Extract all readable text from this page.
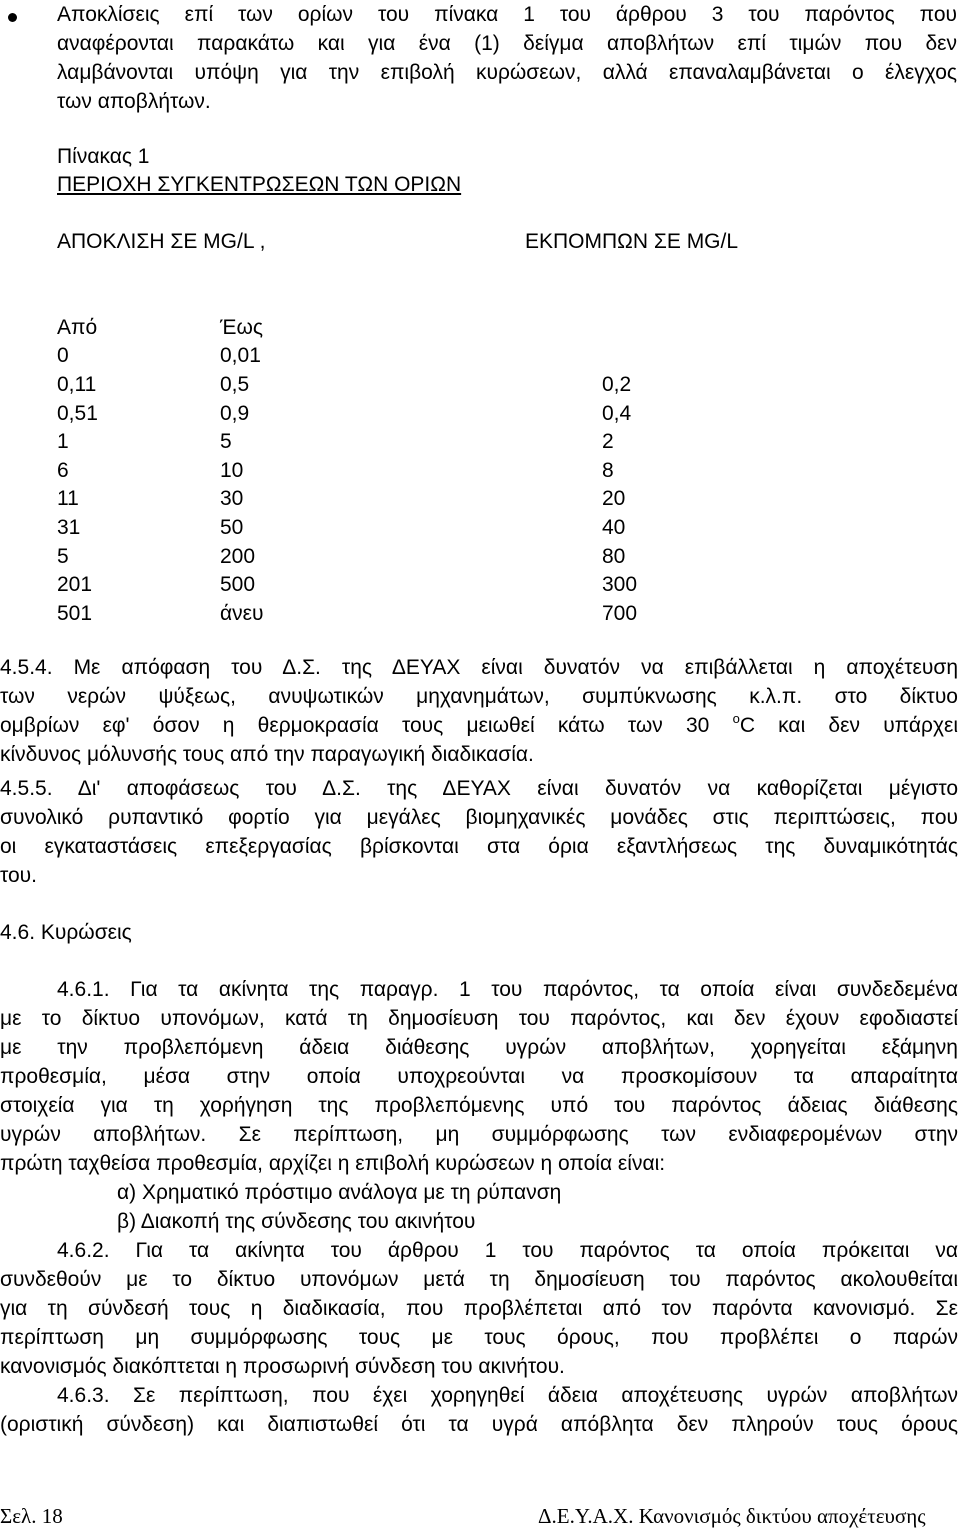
Αποκλίσεις επί των ορίων του πίνακα 1 του άρθρου 3 του παρόντος που
αναφέρονται παρακάτω και για ένα (1) δείγμα αποβλήτων επί τιμών που δεν
λαμβάνονται υπόψη για την επιβολή κυρώσεων, αλλά επαναλαμβάνεται ο έλεγχος
των αποβλήτων.
Πίνακας 1
ΠΕΡΙΟΧΗ ΣΥΓΚΕΝΤΡΩΣΕΩΝ ΤΩΝ ΟΡΙΩΝ
ΑΠΟΚΛΙΣΗ ΣΕ MG/L ,	ΕΚΠΟΜΠΩΝ ΣΕ MG/L
Από	Έως
0	0,01
0,11	0,5	0,2
0,51	0,9	0,4
1	5	2
6	10	8
11	30	20
31	50	40
5	200	80
201	500	300
501	άνευ	700
4.5.4. Με απόφαση του Δ.Σ. της ΔΕΥΑΧ είναι δυνατόν να επιβάλλεται η αποχέτευση
των νερών ψύξεως, ανυψωτικών μηχανημάτων, συμπύκνωσης κ.λ.π. στο δίκτυο
ομβρίων εφ' όσον η θερμοκρασία τους μειωθεί κάτω των 30 $^o$C και δεν υπάρχει
κίνδυνος μόλυνσής τους από την παραγωγική διαδικασία.
4.5.5. Δι' αποφάσεως του Δ.Σ. της ΔΕΥΑΧ είναι δυνατόν να καθορίζεται μέγιστο
συνολικό ρυπαντικό φορτίο για μεγάλες βιομηχανικές μονάδες στις περιπτώσεις, που
οι εγκαταστάσεις επεξεργασίας βρίσκονται στα όρια εξαντλήσεως της δυναμικότητάς
του.
4.6. Κυρώσεις
4.6.1. Για τα ακίνητα της παραγρ. 1 του παρόντος, τα οποία είναι συνδεδεμένα
με το δίκτυο υπονόμων, κατά τη δημοσίευση του παρόντος, και δεν έχουν εφοδιαστεί
με την προβλεπόμενη άδεια διάθεσης υγρών αποβλήτων, χορηγείται εξάμηνη
προθεσμία, μέσα στην οποία υποχρεούνται να προσκομίσουν τα απαραίτητα
στοιχεία για τη χορήγηση της προβλεπόμενης υπό του παρόντος άδειας διάθεσης
υγρών αποβλήτων. Σε περίπτωση, μη συμμόρφωσης των ενδιαφερομένων στην
πρώτη ταχθείσα προθεσμία, αρχίζει η επιβολή κυρώσεων η οποία είναι:
α) Χρηματικό πρόστιμο ανάλογα με τη ρύπανση
β) Διακοπή της σύνδεσης του ακινήτου
4.6.2. Για τα ακίνητα του άρθρου 1 του παρόντος τα οποία πρόκειται να
συνδεθούν με το δίκτυο υπονόμων μετά τη δημοσίευση του παρόντος ακολουθείται
για τη σύνδεσή τους η διαδικασία, που προβλέπεται από τον παρόντα κανονισμό. Σε
περίπτωση μη συμμόρφωσης τους με τους όρους, που προβλέπει ο παρών
κανονισμός διακόπτεται η προσωρινή σύνδεση του ακινήτου.
4.6.3. Σε περίπτωση, που έχει χορηγηθεί άδεια αποχέτευσης υγρών αποβλήτων
(οριστική σύνδεση) και διαπιστωθεί ότι τα υγρά απόβλητα δεν πληρούν τους όρους
Σελ. 18	Δ.Ε.Υ.Α.Χ. Κανονισμός δικτύου αποχέτευσης
